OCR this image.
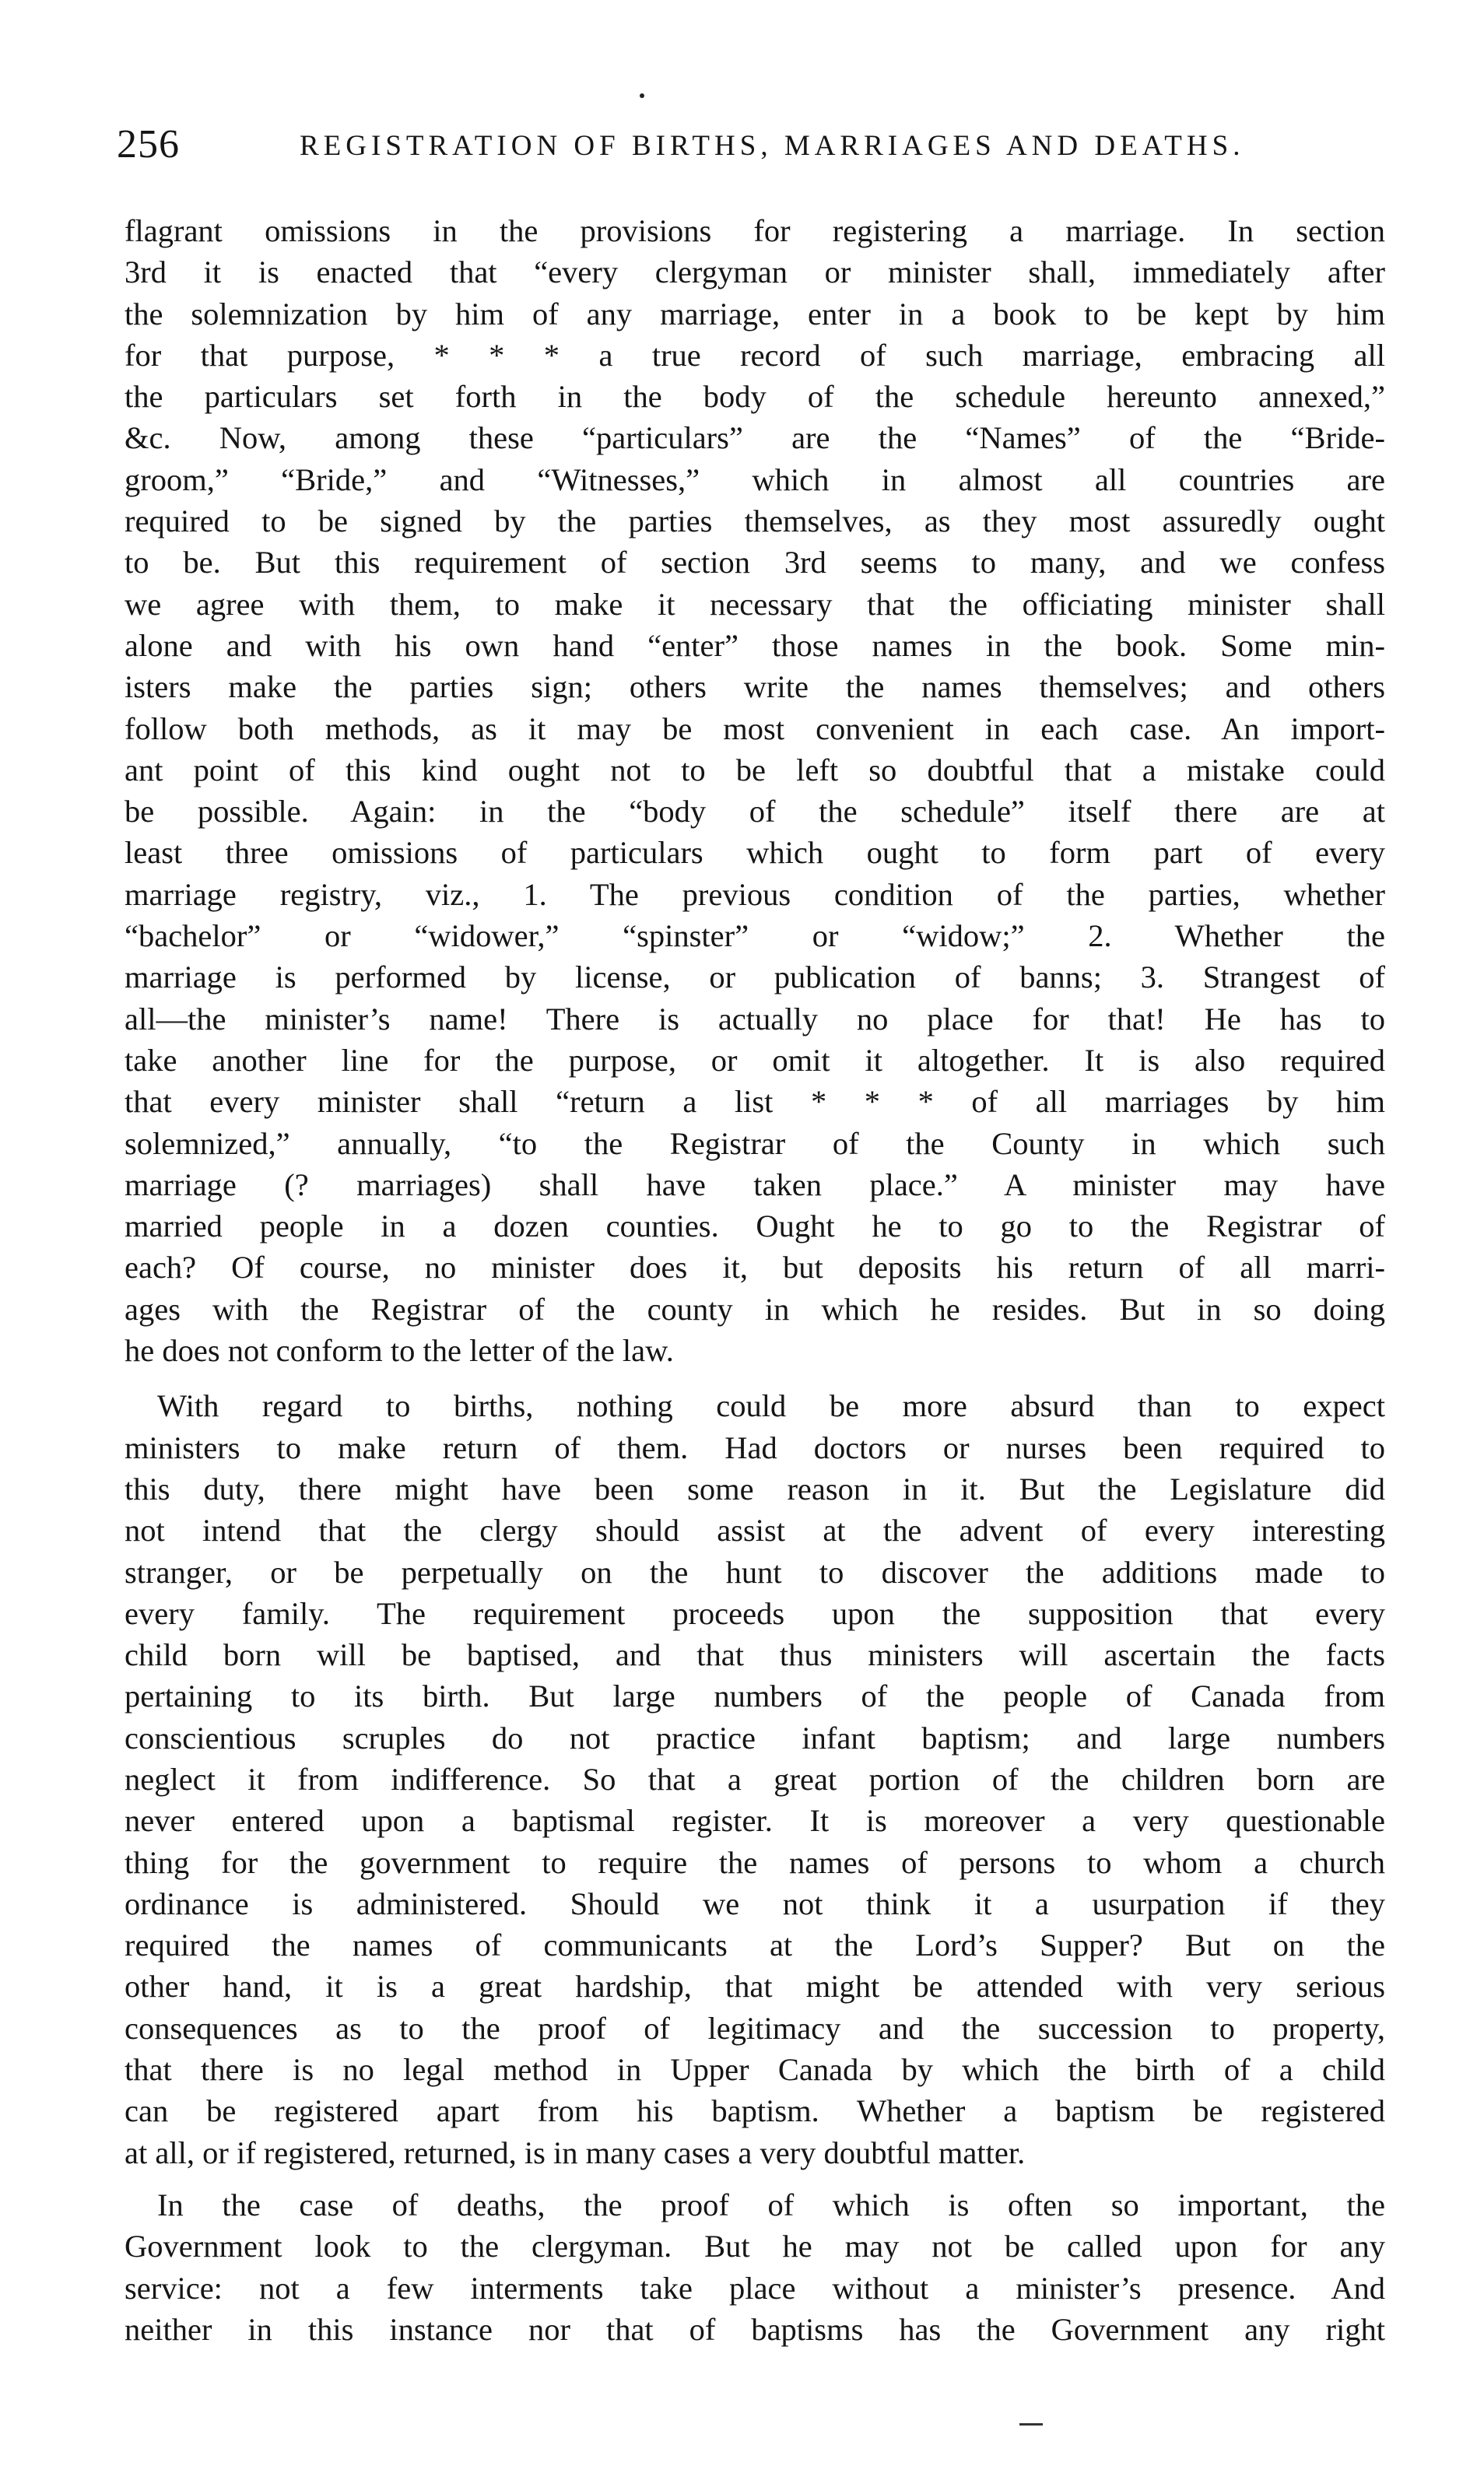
256	REGISTRATION OF BIRTHS, MARRIAGES AND DEATHS.

flagrant omissions in the provisions for registering a marriage. In section
3rd it is enacted that “every clergyman or minister shall, immediately after
the solemnization by him of any marriage, enter in a book to be kept by him
for that purpose, * * * a true record of such marriage, embracing all
the particulars set forth in the body of the schedule hereunto annexed,”
&c. Now, among these “particulars” are the “Names” of the “Bride-
groom,” “Bride,” and “Witnesses,” which in almost all countries are
required to be signed by the parties themselves, as they most assuredly ought
to be. But this requirement of section 3rd seems to many, and we confess
we agree with them, to make it necessary that the officiating minister shall
alone and with his own hand “enter” those names in the book. Some min-
isters make the parties sign; others write the names themselves; and others
follow both methods, as it may be most convenient in each case. An import-
ant point of this kind ought not to be left so doubtful that a mistake could
be possible. Again: in the “body of the schedule” itself there are at
least three omissions of particulars which ought to form part of every
marriage registry, viz., 1. The previous condition of the parties, whether
“bachelor” or “widower,” “spinster” or “widow;” 2. Whether the
marriage is performed by license, or publication of banns; 3. Strangest of
all—the minister’s name! There is actually no place for that! He has to
take another line for the purpose, or omit it altogether. It is also required
that every minister shall “return a list * * * of all marriages by him
solemnized,” annually, “to the Registrar of the County in which such
marriage (? marriages) shall have taken place.” A minister may have
married people in a dozen counties. Ought he to go to the Registrar of
each? Of course, no minister does it, but deposits his return of all marri-
ages with the Registrar of the county in which he resides. But in so doing
he does not conform to the letter of the law.

With regard to births, nothing could be more absurd than to expect
ministers to make return of them. Had doctors or nurses been required to
this duty, there might have been some reason in it. But the Legislature did
not intend that the clergy should assist at the advent of every interesting
stranger, or be perpetually on the hunt to discover the additions made to
every family. The requirement proceeds upon the supposition that every
child born will be baptised, and that thus ministers will ascertain the facts
pertaining to its birth. But large numbers of the people of Canada from
conscientious scruples do not practice infant baptism; and large numbers
neglect it from indifference. So that a great portion of the children born are
never entered upon a baptismal register. It is moreover a very questionable
thing for the government to require the names of persons to whom a church
ordinance is administered. Should we not think it a usurpation if they
required the names of communicants at the Lord’s Supper? But on the
other hand, it is a great hardship, that might be attended with very serious
consequences as to the proof of legitimacy and the succession to property,
that there is no legal method in Upper Canada by which the birth of a child
can be registered apart from his baptism. Whether a baptism be registered
at all, or if registered, returned, is in many cases a very doubtful matter.

In the case of deaths, the proof of which is often so important, the
Government look to the clergyman. But he may not be called upon for any
service: not a few interments take place without a minister’s presence. And
neither in this instance nor that of baptisms has the Government any right
